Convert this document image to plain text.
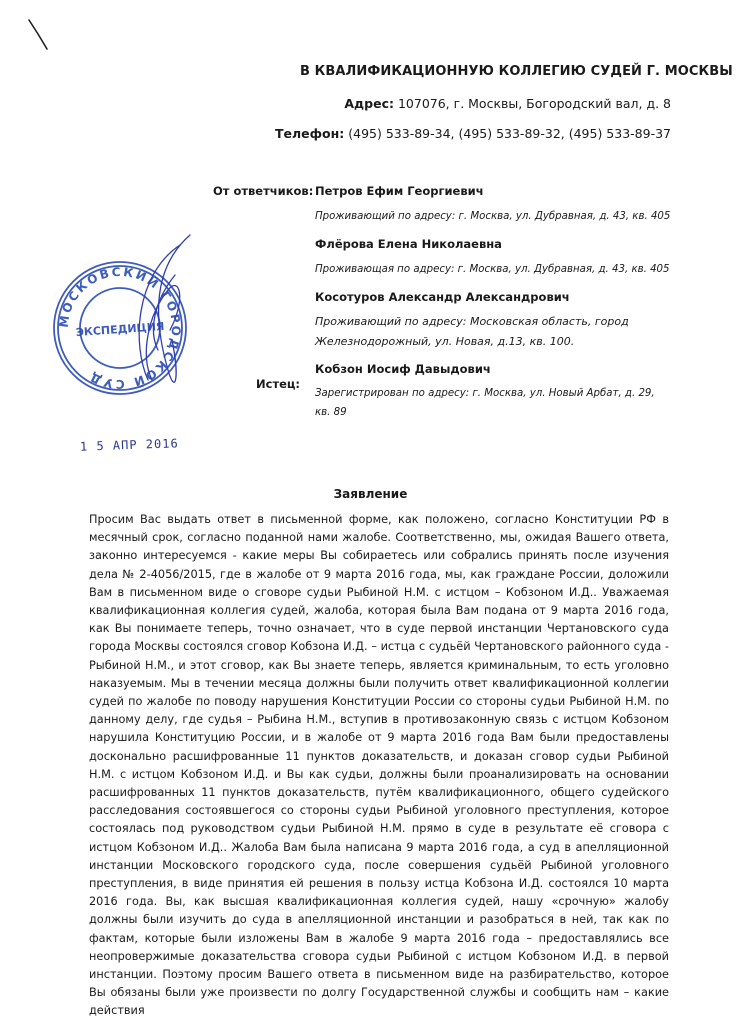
В КВАЛИФИКАЦИОННУЮ КОЛЛЕГИЮ СУДЕЙ Г. МОСКВЫ
Адрес: 107076, г. Москвы, Богородский вал, д. 8
Телефон: (495) 533-89-34, (495) 533-89-32, (495) 533-89-37
От ответчиков: Петров Ефим Георгиевич
Проживающий по адресу: г. Москва, ул. Дубравная, д. 43, кв. 405
Флёрова Елена Николаевна
Проживающая по адресу: г. Москва, ул. Дубравная, д. 43, кв. 405
Косотуров Александр Александрович
Проживающий по адресу: Московская область, город Железнодорожный, ул. Новая, д.13, кв. 100.
Истец:
Кобзон Иосиф Давыдович
Зарегистрирован по адресу: г. Москва, ул. Новый Арбат, д. 29, кв. 89
МОСКОВСКИЙ ГОРОДСКОЙ СУД
ЭКСПЕДИЦИЯ
1 5 АПР 2016
Заявление
Просим Вас выдать ответ в письменной форме, как положено, согласно Конституции РФ в месячный срок, согласно поданной нами жалобе. Соответственно, мы, ожидая Вашего ответа, законно интересуемся - какие меры Вы собираетесь или собрались принять после изучения дела № 2-4056/2015, где в жалобе от 9 марта 2016 года, мы, как граждане России, доложили Вам в письменном виде о сговоре судьи Рыбиной Н.М. с истцом – Кобзоном И.Д.. Уважаемая квалификационная коллегия судей, жалоба, которая была Вам подана от 9 марта 2016 года, как Вы понимаете теперь, точно означает, что в суде первой инстанции Чертановского суда города Москвы состоялся сговор Кобзона И.Д. – истца с судьёй Чертановского районного суда - Рыбиной Н.М., и этот сговор, как Вы знаете теперь, является криминальным, то есть уголовно наказуемым. Мы в течении месяца должны были получить ответ квалификационной коллегии судей по жалобе по поводу нарушения Конституции России со стороны судьи Рыбиной Н.М. по данному делу, где судья – Рыбина Н.М., вступив в противозаконную связь с истцом Кобзоном нарушила Конституцию России, и в жалобе от 9 марта 2016 года Вам были предоставлены досконально расшифрованные 11 пунктов доказательств, и доказан сговор судьи Рыбиной Н.М. с истцом Кобзоном И.Д. и Вы как судьи, должны были проанализировать на основании расшифрованных 11 пунктов доказательств, путём квалификационного, общего судейского расследования состоявшегося со стороны судьи Рыбиной уголовного преступления, которое состоялась под руководством судьи Рыбиной Н.М. прямо в суде в результате её сговора с истцом Кобзоном И.Д.. Жалоба Вам была написана 9 марта 2016 года, а суд в апелляционной инстанции Московского городского суда, после совершения судьёй Рыбиной уголовного преступления, в виде принятия ей решения в пользу истца Кобзона И.Д. состоялся 10 марта 2016 года. Вы, как высшая квалификационная коллегия судей, нашу «срочную» жалобу должны были изучить до суда в апелляционной инстанции и разобраться в ней, так как по фактам, которые были изложены Вам в жалобе 9 марта 2016 года – предоставлялись все неопровержимые доказательства сговора судьи Рыбиной с истцом Кобзоном И.Д. в первой инстанции. Поэтому просим Вашего ответа в письменном виде на разбирательство, которое Вы обязаны были уже произвести по долгу Государственной службы и сообщить нам – какие действия
